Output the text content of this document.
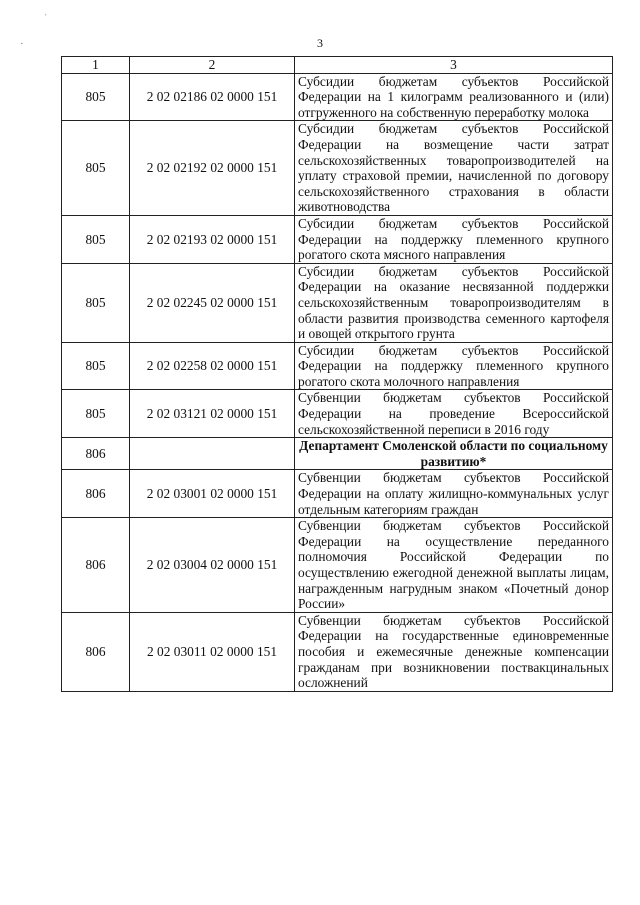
ˈ
·	3
1	2	3
805	2 02 02186 02 0000 151	Субсидии бюджетам субъектов Российской Федерации на 1 килограмм реализованного и (или) отгруженного на собственную переработку молока
805	2 02 02192 02 0000 151	Субсидии бюджетам субъектов Российской Федерации на возмещение части затрат сельскохозяйственных товаропроизводителей на уплату страховой премии, начисленной по договору сельскохозяйственного страхования в области животноводства
805	2 02 02193 02 0000 151	Субсидии бюджетам субъектов Российской Федерации на поддержку племенного крупного рогатого скота мясного направления
805	2 02 02245 02 0000 151	Субсидии бюджетам субъектов Российской Федерации на оказание несвязанной поддержки сельскохозяйственным товаропроизводителям в области развития производства семенного картофеля и овощей открытого грунта
805	2 02 02258 02 0000 151	Субсидии бюджетам субъектов Российской Федерации на поддержку племенного крупного рогатого скота молочного направления
805	2 02 03121 02 0000 151	Субвенции бюджетам субъектов Российской Федерации на проведение Всероссийской сельскохозяйственной переписи в 2016 году
806		Департамент Смоленской области по социальному развитию*
806	2 02 03001 02 0000 151	Субвенции бюджетам субъектов Российской Федерации на оплату жилищно-коммунальных услуг отдельным категориям граждан
806	2 02 03004 02 0000 151	Субвенции бюджетам субъектов Российской Федерации на осуществление переданного полномочия Российской Федерации по осуществлению ежегодной денежной выплаты лицам, награжденным нагрудным знаком «Почетный донор России»
806	2 02 03011 02 0000 151	Субвенции бюджетам субъектов Российской Федерации на государственные единовременные пособия и ежемесячные денежные компенсации гражданам при возникновении поствакцинальных осложнений
